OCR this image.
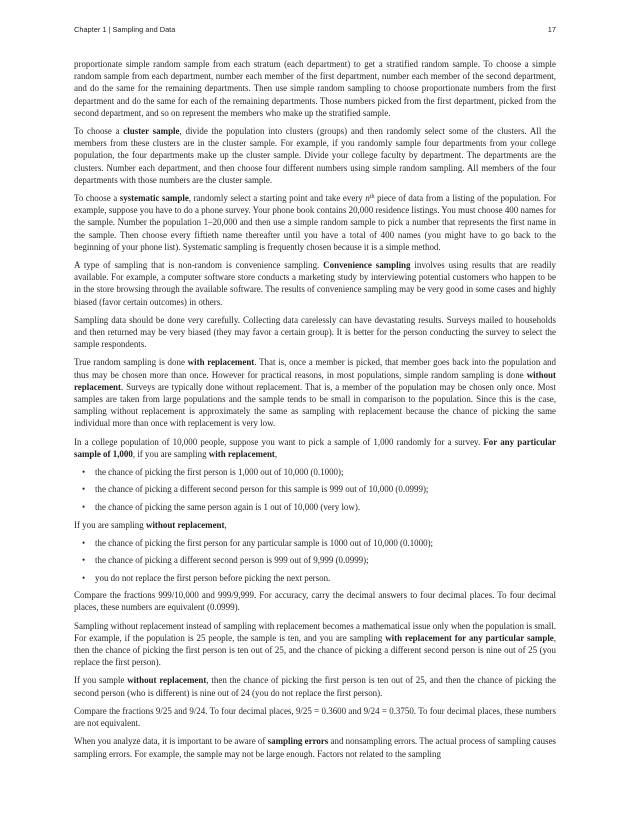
Chapter 1 | Sampling and Data	17

proportionate simple random sample from each stratum (each department) to get a stratified random sample. To choose a simple random sample from each department, number each member of the first department, number each member of the second department, and do the same for the remaining departments. Then use simple random sampling to choose proportionate numbers from the first department and do the same for each of the remaining departments. Those numbers picked from the first department, picked from the second department, and so on represent the members who make up the stratified sample.

To choose a cluster sample, divide the population into clusters (groups) and then randomly select some of the clusters. All the members from these clusters are in the cluster sample. For example, if you randomly sample four departments from your college population, the four departments make up the cluster sample. Divide your college faculty by department. The departments are the clusters. Number each department, and then choose four different numbers using simple random sampling. All members of the four departments with those numbers are the cluster sample.

To choose a systematic sample, randomly select a starting point and take every $n^{th}$ piece of data from a listing of the population. For example, suppose you have to do a phone survey. Your phone book contains 20,000 residence listings. You must choose 400 names for the sample. Number the population 1–20,000 and then use a simple random sample to pick a number that represents the first name in the sample. Then choose every fiftieth name thereafter until you have a total of 400 names (you might have to go back to the beginning of your phone list). Systematic sampling is frequently chosen because it is a simple method.

A type of sampling that is non-random is convenience sampling. Convenience sampling involves using results that are readily available. For example, a computer software store conducts a marketing study by interviewing potential customers who happen to be in the store browsing through the available software. The results of convenience sampling may be very good in some cases and highly biased (favor certain outcomes) in others.

Sampling data should be done very carefully. Collecting data carelessly can have devastating results. Surveys mailed to households and then returned may be very biased (they may favor a certain group). It is better for the person conducting the survey to select the sample respondents.

True random sampling is done with replacement. That is, once a member is picked, that member goes back into the population and thus may be chosen more than once. However for practical reasons, in most populations, simple random sampling is done without replacement. Surveys are typically done without replacement. That is, a member of the population may be chosen only once. Most samples are taken from large populations and the sample tends to be small in comparison to the population. Since this is the case, sampling without replacement is approximately the same as sampling with replacement because the chance of picking the same individual more than once with replacement is very low.

In a college population of 10,000 people, suppose you want to pick a sample of 1,000 randomly for a survey. For any particular sample of 1,000, if you are sampling with replacement,

• the chance of picking the first person is 1,000 out of 10,000 (0.1000);
• the chance of picking a different second person for this sample is 999 out of 10,000 (0.0999);
• the chance of picking the same person again is 1 out of 10,000 (very low).

If you are sampling without replacement,

• the chance of picking the first person for any particular sample is 1000 out of 10,000 (0.1000);
• the chance of picking a different second person is 999 out of 9,999 (0.0999);
• you do not replace the first person before picking the next person.

Compare the fractions 999/10,000 and 999/9,999. For accuracy, carry the decimal answers to four decimal places. To four decimal places, these numbers are equivalent (0.0999).

Sampling without replacement instead of sampling with replacement becomes a mathematical issue only when the population is small. For example, if the population is 25 people, the sample is ten, and you are sampling with replacement for any particular sample, then the chance of picking the first person is ten out of 25, and the chance of picking a different second person is nine out of 25 (you replace the first person).

If you sample without replacement, then the chance of picking the first person is ten out of 25, and then the chance of picking the second person (who is different) is nine out of 24 (you do not replace the first person).

Compare the fractions 9/25 and 9/24. To four decimal places, 9/25 = 0.3600 and 9/24 = 0.3750. To four decimal places, these numbers are not equivalent.

When you analyze data, it is important to be aware of sampling errors and nonsampling errors. The actual process of sampling causes sampling errors. For example, the sample may not be large enough. Factors not related to the sampling
